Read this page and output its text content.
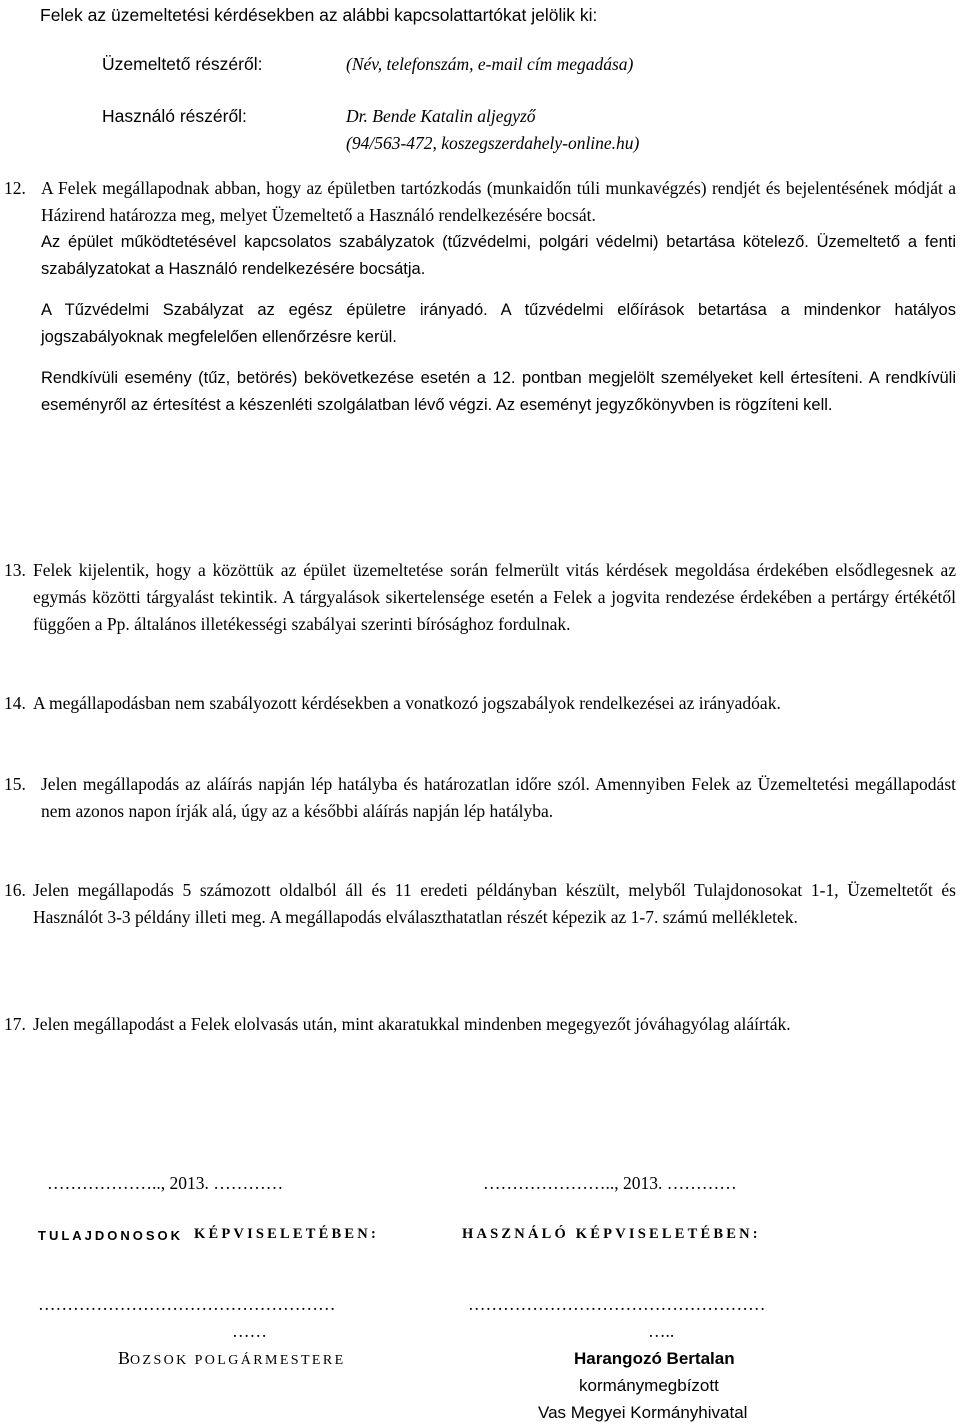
Felek az üzemeltetési kérdésekben az alábbi kapcsolattartókat jelölik ki:
Üzemeltető részéről:	(Név, telefonszám, e-mail cím megadása)
Használó részéről:	Dr. Bende Katalin aljegyző
(94/563-472, koszegszerdahely-online.hu)
12. A Felek megállapodnak abban, hogy az épületben tartózkodás (munkaidőn túli munkavégzés) rendjét és bejelentésének módját a Házirend határozza meg, melyet Üzemeltető a Használó rendelkezésére bocsát.

Az épület működtetésével kapcsolatos szabályzatok (tűzvédelmi, polgári védelmi) betartása kötelező. Üzemeltető a fenti szabályzatokat a Használó rendelkezésére bocsátja.

A Tűzvédelmi Szabályzat az egész épületre irányadó. A tűzvédelmi előírások betartása a mindenkor hatályos jogszabályoknak megfelelően ellenőrzésre kerül.

Rendkívüli esemény (tűz, betörés) bekövetkezése esetén a 12. pontban megjelölt személyeket kell értesíteni. A rendkívüli eseményről az értesítést a készenléti szolgálatban lévő végzi. Az eseményt jegyzőkönyvben is rögzíteni kell.

13. Felek kijelentik, hogy a közöttük az épület üzemeltetése során felmerült vitás kérdések megoldása érdekében elsődlegesnek az egymás közötti tárgyalást tekintik. A tárgyalások sikertelensége esetén a Felek a jogvita rendezése érdekében a pertárgy értékétől függően a Pp. általános illetékességi szabályai szerinti bírósághoz fordulnak.

14. A megállapodásban nem szabályozott kérdésekben a vonatkozó jogszabályok rendelkezései az irányadóak.

15. Jelen megállapodás az aláírás napján lép hatályba és határozatlan időre szól. Amennyiben Felek az Üzemeltetési megállapodást nem azonos napon írják alá, úgy az a későbbi aláírás napján lép hatályba.

16. Jelen megállapodás 5 számozott oldalból áll és 11 eredeti példányban készült, melyből Tulajdonosokat 1-1, Üzemeltetőt és Használót 3-3 példány illeti meg. A megállapodás elválaszthatatlan részét képezik az 1-7. számú mellékletek.

17. Jelen megállapodást a Felek elolvasás után, mint akaratukkal mindenben megegyezőt jóváhagyólag aláírták.

……………….., 2013. …………	………………….., 2013. …………
TULAJDONOSOK KÉPVISELETÉBEN:	HASZNÁLÓ KÉPVISELETÉBEN:
……………………………………………
……
……………………………………………
…..
BOZSOK POLGÁRMESTERE	Harangozó Bertalan
kormánymegbízott
Vas Megyei Kormányhivatal
